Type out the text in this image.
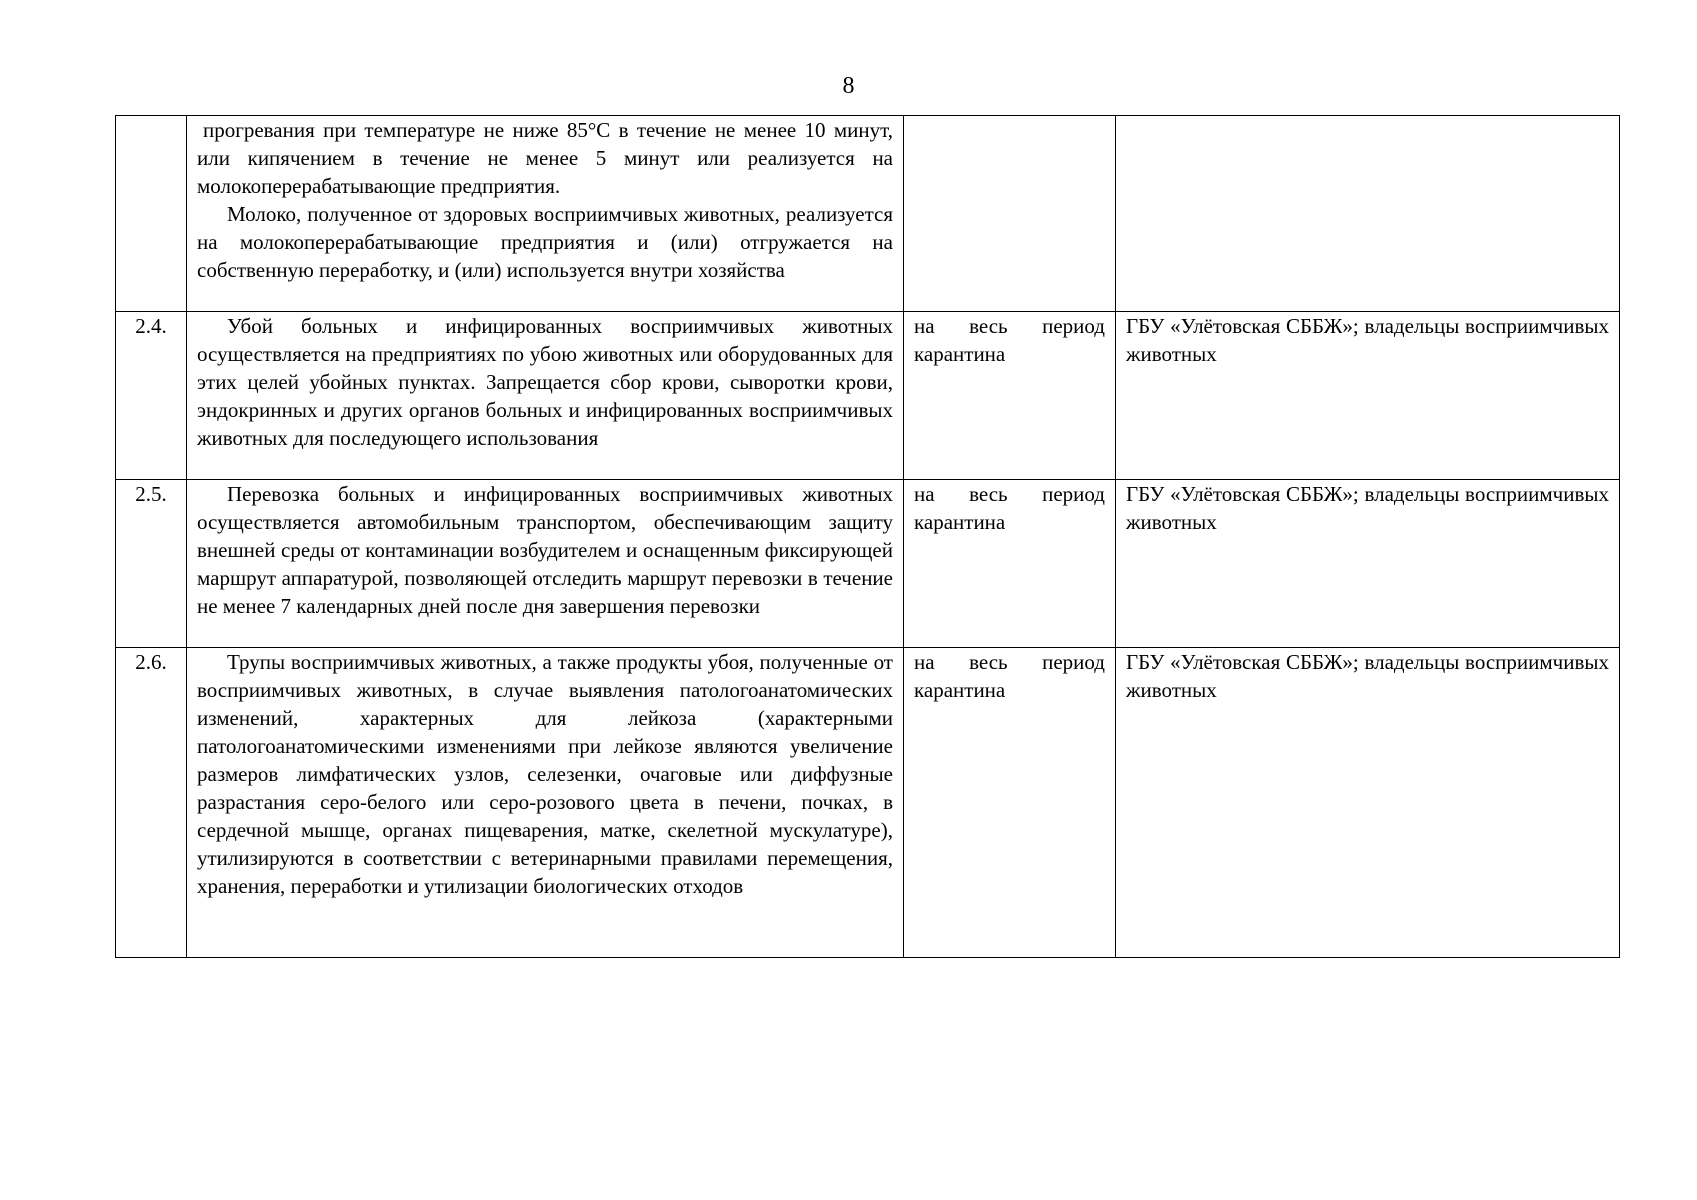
8

	прогревания при температуре не ниже 85°С в течение не менее 10 минут, или кипячением в течение не менее 5 минут или реализуется на молокоперерабатывающие предприятия.

Молоко, полученное от здоровых восприимчивых животных, реализуется на молокоперерабатывающие предприятия и (или) отгружается на собственную переработку, и (или) используется внутри хозяйства		

2.4.	Убой больных и инфицированных восприимчивых животных осуществляется на предприятиях по убою животных или оборудованных для этих целей убойных пунктах. Запрещается сбор крови, сыворотки крови, эндокринных и других органов больных и инфицированных восприимчивых животных для последующего использования	на весь период карантина	ГБУ «Улётовская СББЖ»; владельцы восприимчивых животных
2.5.	Перевозка больных и инфицированных восприимчивых животных осуществляется автомобильным транспортом, обеспечивающим защиту внешней среды от контаминации возбудителем и оснащенным фиксирующей маршрут аппаратурой, позволяющей отследить маршрут перевозки в течение не менее 7 календарных дней после дня завершения перевозки	на весь период карантина	ГБУ «Улётовская СББЖ»; владельцы восприимчивых животных
2.6.	Трупы восприимчивых животных, а также продукты убоя, полученные от восприимчивых животных, в случае выявления патологоанатомических изменений, характерных для лейкоза (характерными патологоанатомическими изменениями при лейкозе являются увеличение размеров лимфатических узлов, селезенки, очаговые или диффузные разрастания серо-белого или серо-розового цвета в печени, почках, в сердечной мышце, органах пищеварения, матке, скелетной мускулатуре), утилизируются в соответствии с ветеринарными правилами перемещения, хранения, переработки и утилизации биологических отходов	на весь период карантина	ГБУ «Улётовская СББЖ»; владельцы восприимчивых животных
